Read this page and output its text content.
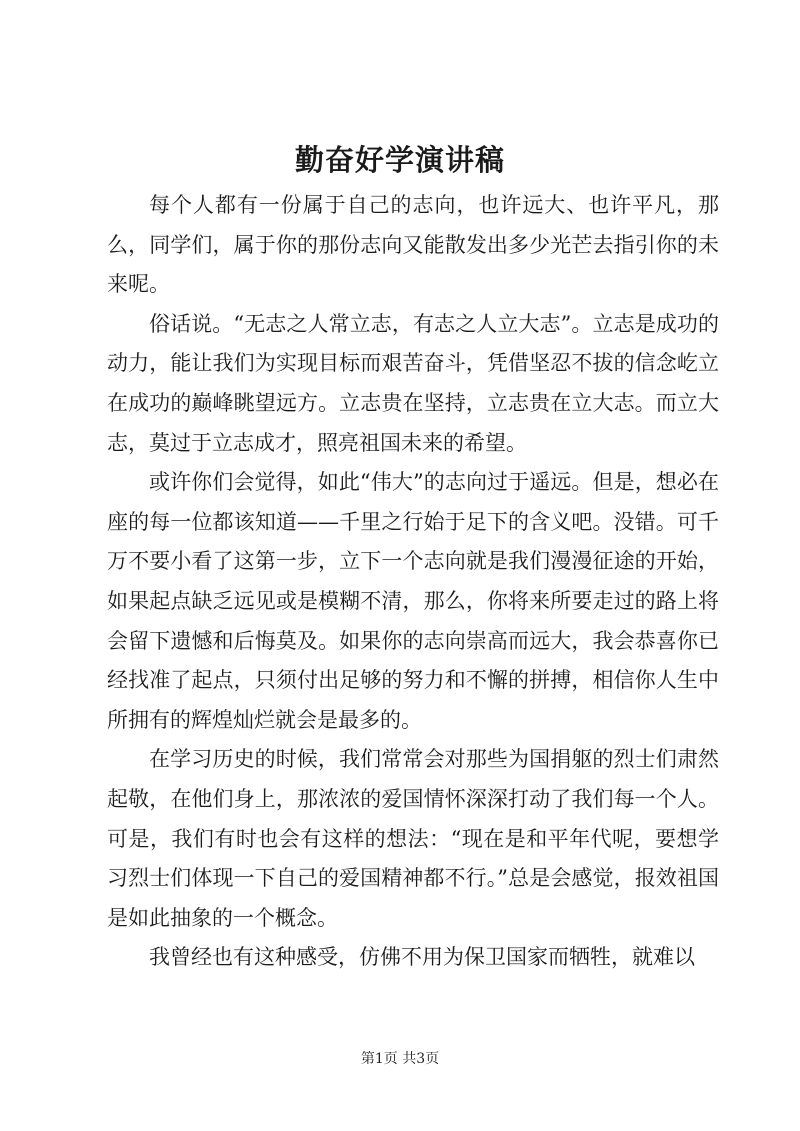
勤奋好学演讲稿

每个人都有一份属于自己的志向，也许远大、也许平凡，那么，同学们，属于你的那份志向又能散发出多少光芒去指引你的未来呢。

俗话说。“无志之人常立志，有志之人立大志”。立志是成功的动力，能让我们为实现目标而艰苦奋斗，凭借坚忍不拔的信念屹立在成功的巅峰眺望远方。立志贵在坚持，立志贵在立大志。而立大志，莫过于立志成才，照亮祖国未来的希望。

或许你们会觉得，如此“伟大”的志向过于遥远。但是，想必在座的每一位都该知道——千里之行始于足下的含义吧。没错。可千万不要小看了这第一步，立下一个志向就是我们漫漫征途的开始，如果起点缺乏远见或是模糊不清，那么，你将来所要走过的路上将会留下遗憾和后悔莫及。如果你的志向崇高而远大，我会恭喜你已经找准了起点，只须付出足够的努力和不懈的拼搏，相信你人生中所拥有的辉煌灿烂就会是最多的。

在学习历史的时候，我们常常会对那些为国捐躯的烈士们肃然起敬，在他们身上，那浓浓的爱国情怀深深打动了我们每一个人。可是，我们有时也会有这样的想法：“现在是和平年代呢，要想学习烈士们体现一下自己的爱国精神都不行。”总是会感觉，报效祖国是如此抽象的一个概念。

我曾经也有这种感受，仿佛不用为保卫国家而牺牲，就难以

第1页 共3页
